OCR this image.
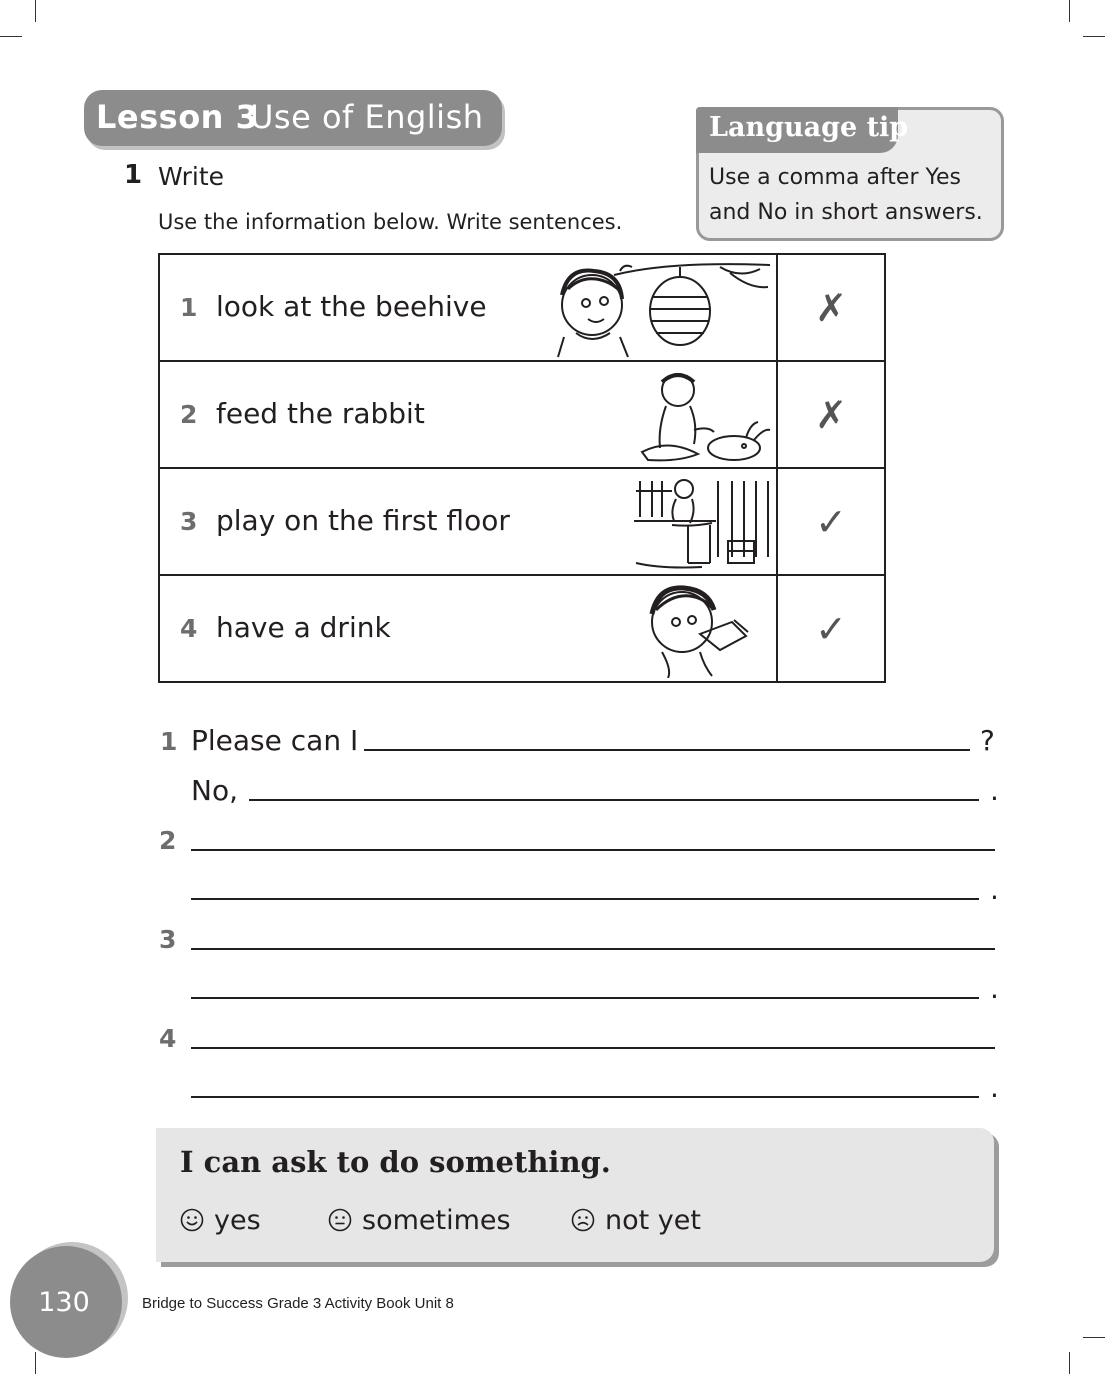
Lesson 3
Use of English	Language tip
Use a comma after Yes and No in short answers.
1 Write
Use the information below. Write sentences.
1 look at the beehive	✗

2 feed the rabbit	✗

3 play on the first floor	✓

4 have a drink	✓
1 Please can I	?
No,	.
2
.
3
.
4
.
I can ask to do something.
yes	sometimes	not yet
130	Bridge to Success Grade 3 Activity Book Unit 8
